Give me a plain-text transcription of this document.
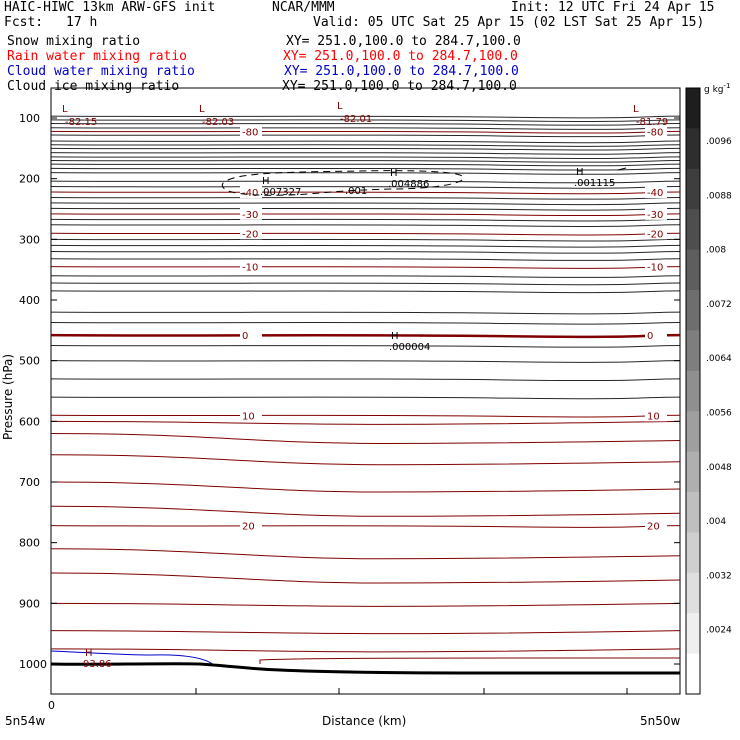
HAIC-HIWC 13km ARW-GFS init	NCAR/MMM	Init: 12 UTC Fri 24 Apr 15
Fcst: 17 h	Valid: 05 UTC Sat 25 Apr 15 (02 LST Sat 25 Apr 15)
Snow mixing ratio	XY= 251.0,100.0 to 284.7,100.0
Rain water mixing ratio	XY= 251.0,100.0 to 284.7,100.0
Cloud water mixing ratio	XY= 251.0,100.0 to 284.7,100.0
Cloud ice mixing ratio	XY= 251.0,100.0 to 284.7,100.0
-80	-80
-40	-40
-30	-30
-20	-20
-10	-10
0	0
10	10
20	20
100
200
300
400
500
600
700
800
900
1000
Distance (km)
Pressure (hPa)
0
5n54w	5n50w
.0096
.0088
.008
.0072
.0064
.0056
.0048
.004
.0032
.0024
g $kg^{-1}$
L
-82.15
L
-82.03
L
-82.01
L
-81.79
H
.007327
H
.004886
H
.001115
H
.000004
H
93.86
.001
